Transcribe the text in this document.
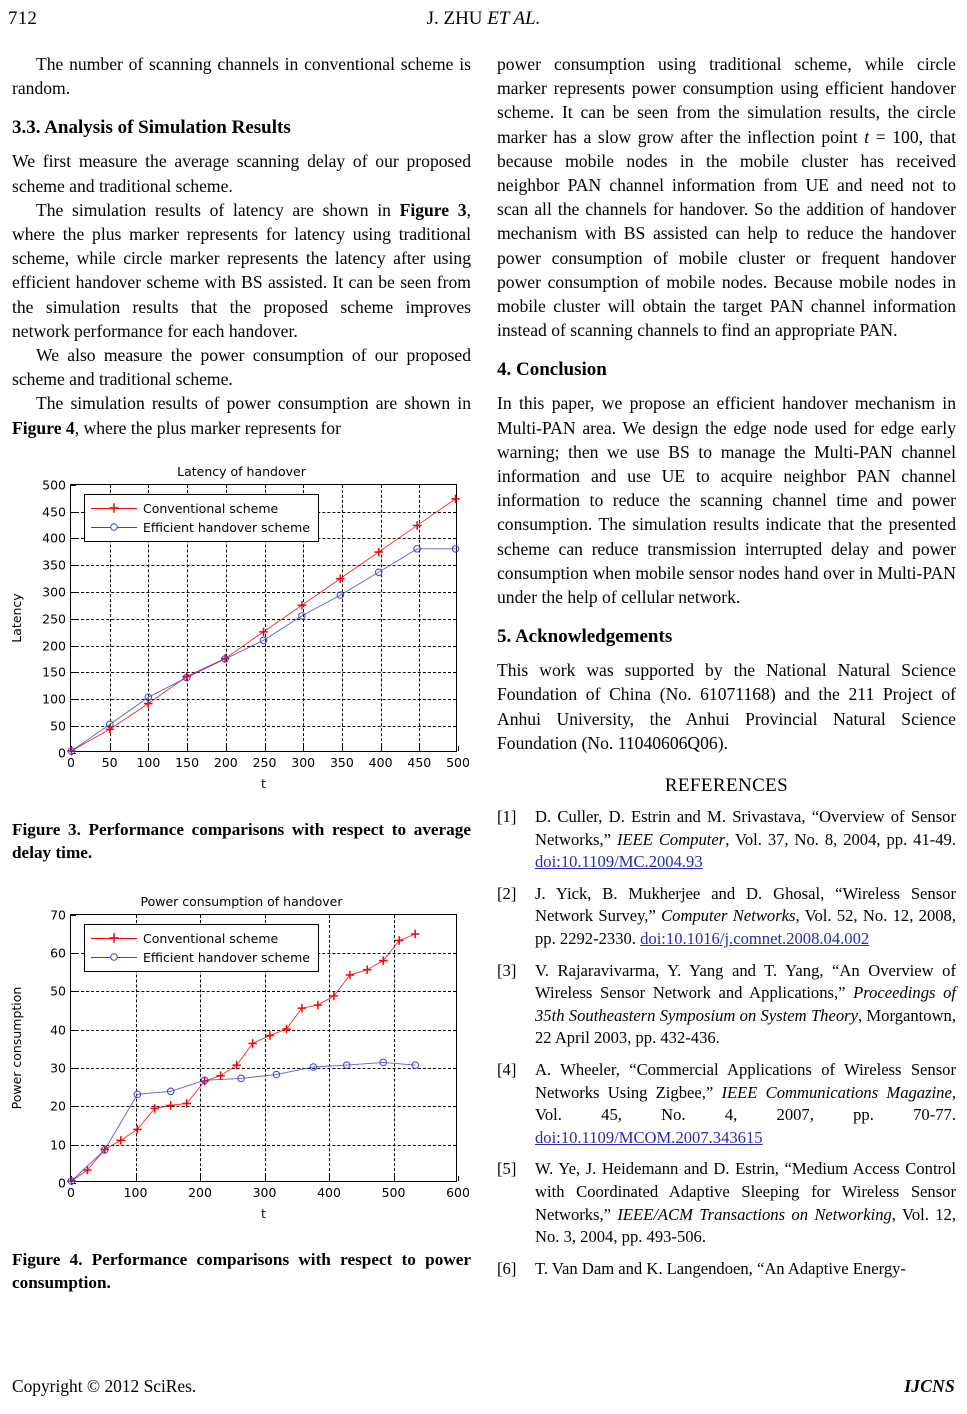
712	J. ZHU ET AL.

The number of scanning channels in conventional scheme is random.

3.3. Analysis of Simulation Results

We first measure the average scanning delay of our proposed scheme and traditional scheme.

The simulation results of latency are shown in Figure 3, where the plus marker represents for latency using traditional scheme, while circle marker represents the latency after using efficient handover scheme with BS assisted. It can be seen from the simulation results that the proposed scheme improves network performance for each handover.

We also measure the power consumption of our proposed scheme and traditional scheme.

The simulation results of power consumption are shown in Figure 4, where the plus marker represents for

Latency of handover
0 50 100 150 200 250 300 350 400 450 500
0
50
100
150
200
250
300
350
400
450
500
t
Latency
Conventional scheme
Efficient handover scheme

Figure 3. Performance comparisons with respect to average delay time.

Power consumption of handover
0	100	200	300	400	500	600
0
10
20
30
40
50
60
70
t
Power consumption
Conventional scheme
Efficient handover scheme

Figure 4. Performance comparisons with respect to power consumption.

power consumption using traditional scheme, while circle marker represents power consumption using efficient handover scheme. It can be seen from the simulation results, the circle marker has a slow grow after the inflection point t = 100, that because mobile nodes in the mobile cluster has received neighbor PAN channel information from UE and need not to scan all the channels for handover. So the addition of handover mechanism with BS assisted can help to reduce the handover power consumption of mobile cluster or frequent handover power consumption of mobile nodes. Because mobile nodes in mobile cluster will obtain the target PAN channel information instead of scanning channels to find an appropriate PAN.

4. Conclusion

In this paper, we propose an efficient handover mechanism in Multi-PAN area. We design the edge node used for edge early warning; then we use BS to manage the Multi-PAN channel information and use UE to acquire neighbor PAN channel information to reduce the scanning channel time and power consumption. The simulation results indicate that the presented scheme can reduce transmission interrupted delay and power consumption when mobile sensor nodes hand over in Multi-PAN under the help of cellular network.

5. Acknowledgements

This work was supported by the National Natural Science Foundation of China (No. 61071168) and the 211 Project of Anhui University, the Anhui Provincial Natural Science Foundation (No. 11040606Q06).

REFERENCES
[1] D. Culler, D. Estrin and M. Srivastava, “Overview of Sensor Networks,” IEEE Computer, Vol. 37, No. 8, 2004, pp. 41-49. doi:10.1109/MC.2004.93
[2] J. Yick, B. Mukherjee and D. Ghosal, “Wireless Sensor Network Survey,” Computer Networks, Vol. 52, No. 12, 2008, pp. 2292-2330. doi:10.1016/j.comnet.2008.04.002
[3] V. Rajaravivarma, Y. Yang and T. Yang, “An Overview of Wireless Sensor Network and Applications,” Proceedings of 35th Southeastern Symposium on System Theory, Morgantown, 22 April 2003, pp. 432-436.
[4] A. Wheeler, “Commercial Applications of Wireless Sensor Networks Using Zigbee,” IEEE Communications Magazine, Vol. 45, No. 4, 2007, pp. 70-77. doi:10.1109/MCOM.2007.343615
[5] W. Ye, J. Heidemann and D. Estrin, “Medium Access Control with Coordinated Adaptive Sleeping for Wireless Sensor Networks,” IEEE/ACM Transactions on Networking, Vol. 12, No. 3, 2004, pp. 493-506.
[6] T. Van Dam and K. Langendoen, “An Adaptive Energy-
Copyright © 2012 SciRes.	IJCNS
